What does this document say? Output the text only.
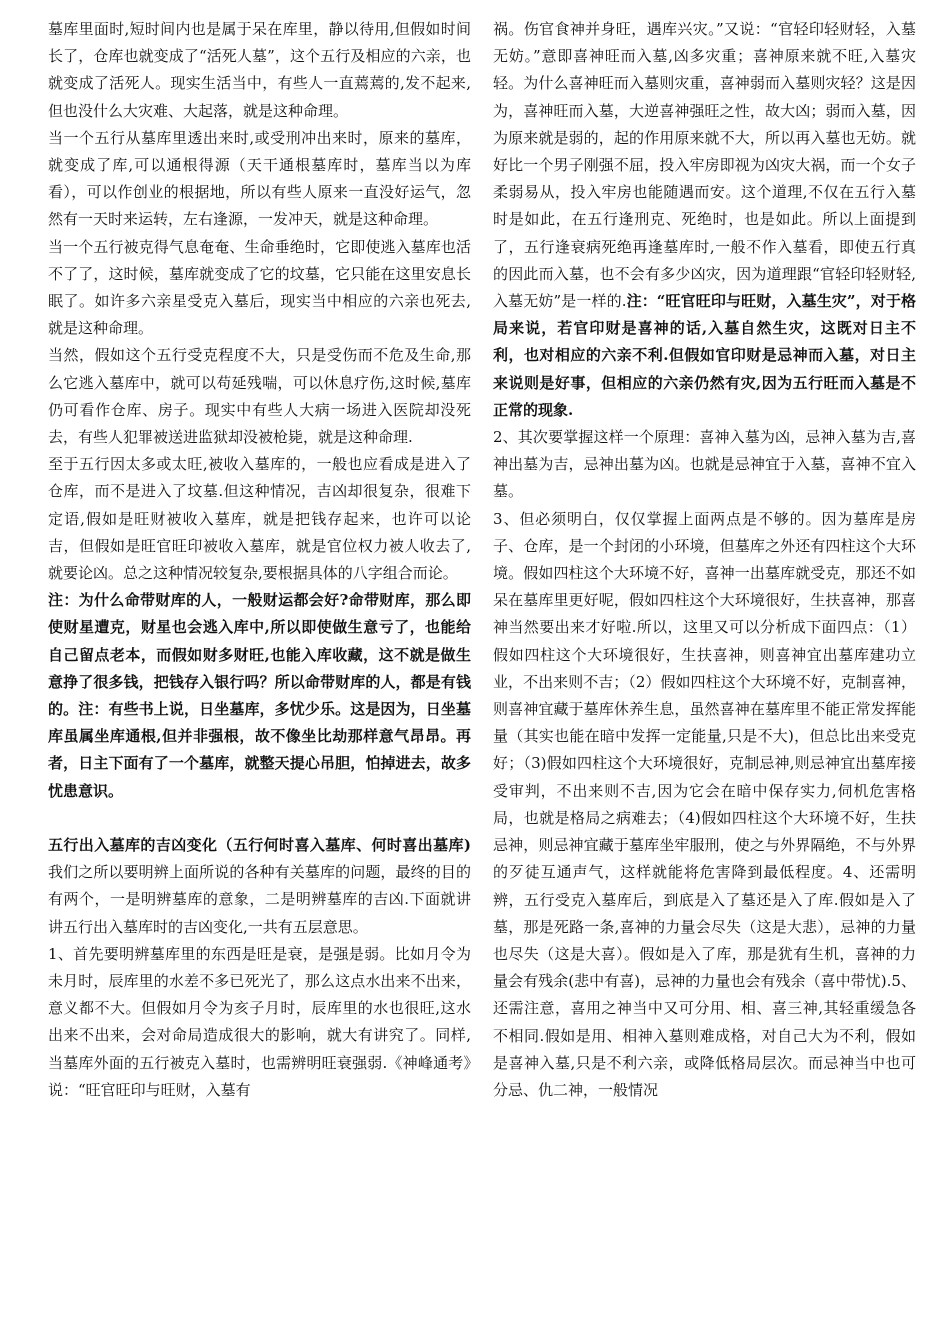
墓库里面时,短时间内也是属于呆在库里，静以待用,但假如时间长了，仓库也就变成了“活死人墓”，这个五行及相应的六亲，也就变成了活死人。现实生活当中，有些人一直蔫蔫的,发不起来,但也没什么大灾难、大起落，就是这种命理。

当一个五行从墓库里透出来时,或受刑冲出来时，原来的墓库，就变成了库,可以通根得源（天干通根墓库时，墓库当以为库看），可以作创业的根据地，所以有些人原来一直没好运气，忽然有一天时来运转，左右逢源，一发冲天，就是这种命理。

当一个五行被克得气息奄奄、生命垂绝时，它即使逃入墓库也活不了了，这时候，墓库就变成了它的坟墓，它只能在这里安息长眠了。如许多六亲星受克入墓后，现实当中相应的六亲也死去,就是这种命理。

当然，假如这个五行受克程度不大，只是受伤而不危及生命,那么它逃入墓库中，就可以苟延残喘，可以休息疗伤,这时候,墓库仍可看作仓库、房子。现实中有些人大病一场进入医院却没死去，有些人犯罪被送进监狱却没被枪毙，就是这种命理.

至于五行因太多或太旺,被收入墓库的，一般也应看成是进入了仓库，而不是进入了坟墓.但这种情况，吉凶却很复杂，很难下定语,假如是旺财被收入墓库，就是把钱存起来，也许可以论吉，但假如是旺官旺印被收入墓库，就是官位权力被人收去了,就要论凶。总之这种情况较复杂,要根据具体的八字组合而论。

注：为什么命带财库的人，一般财运都会好?命带财库，那么即使财星遭克，财星也会逃入库中,所以即使做生意亏了，也能给自己留点老本，而假如财多财旺,也能入库收藏，这不就是做生意挣了很多钱，把钱存入银行吗？所以命带财库的人，都是有钱的。注：有些书上说，日坐墓库，多忧少乐。这是因为，日坐墓库虽属坐库通根,但并非强根，故不像坐比劫那样意气昂昂。再者，日主下面有了一个墓库，就整天提心吊胆，怕掉进去，故多忧患意识。

五行出入墓库的吉凶变化（五行何时喜入墓库、何时喜出墓库)我们之所以要明辨上面所说的各种有关墓库的问题，最终的目的有两个，一是明辨墓库的意象，二是明辨墓库的吉凶.下面就讲讲五行出入墓库时的吉凶变化,一共有五层意思。

1、首先要明辨墓库里的东西是旺是衰，是强是弱。比如月令为未月时，辰库里的水差不多已死光了，那么这点水出来不出来，意义都不大。但假如月令为亥子月时，辰库里的水也很旺,这水出来不出来，会对命局造成很大的影响，就大有讲究了。同样,当墓库外面的五行被克入墓时，也需辨明旺衰强弱.《神峰通考》说：“旺官旺印与旺财，入墓有

祸。伤官食神并身旺，遇库兴灾。”又说：“官轻印轻财轻，入墓无妨。”意即喜神旺而入墓,凶多灾重；喜神原来就不旺,入墓灾轻。为什么喜神旺而入墓则灾重，喜神弱而入墓则灾轻？这是因为，喜神旺而入墓，大逆喜神强旺之性，故大凶；弱而入墓，因为原来就是弱的，起的作用原来就不大，所以再入墓也无妨。就好比一个男子刚强不屈，投入牢房即视为凶灾大祸，而一个女子柔弱易从，投入牢房也能随遇而安。这个道理,不仅在五行入墓时是如此，在五行逢刑克、死绝时，也是如此。所以上面提到了，五行逢衰病死绝再逢墓库时,一般不作入墓看，即使五行真的因此而入墓，也不会有多少凶灾，因为道理跟“官轻印轻财轻,入墓无妨”是一样的.注：“旺官旺印与旺财，入墓生灾”，对于格局来说，若官印财是喜神的话,入墓自然生灾，这既对日主不利，也对相应的六亲不利.但假如官印财是忌神而入墓，对日主来说则是好事，但相应的六亲仍然有灾,因为五行旺而入墓是不正常的现象.

2、其次要掌握这样一个原理：喜神入墓为凶，忌神入墓为吉,喜神出墓为吉，忌神出墓为凶。也就是忌神宜于入墓，喜神不宜入墓。

3、但必须明白，仅仅掌握上面两点是不够的。因为墓库是房子、仓库，是一个封闭的小环境，但墓库之外还有四柱这个大环境。假如四柱这个大环境不好，喜神一出墓库就受克，那还不如呆在墓库里更好呢，假如四柱这个大环境很好，生扶喜神，那喜神当然要出来才好啦.所以，这里又可以分析成下面四点：（1）假如四柱这个大环境很好，生扶喜神，则喜神宜出墓库建功立业，不出来则不吉；（2）假如四柱这个大环境不好，克制喜神，则喜神宜藏于墓库休养生息，虽然喜神在墓库里不能正常发挥能量（其实也能在暗中发挥一定能量,只是不大)，但总比出来受克好；（3)假如四柱这个大环境很好，克制忌神,则忌神宜出墓库接受审判，不出来则不吉,因为它会在暗中保存实力,伺机危害格局，也就是格局之病难去；（4)假如四柱这个大环境不好，生扶忌神，则忌神宜藏于墓库坐牢服刑，使之与外界隔绝，不与外界的歹徒互通声气，这样就能将危害降到最低程度。4、还需明辨，五行受克入墓库后，到底是入了墓还是入了库.假如是入了墓，那是死路一条,喜神的力量会尽失（这是大悲），忌神的力量也尽失（这是大喜）。假如是入了库，那是犹有生机，喜神的力量会有残余(悲中有喜)，忌神的力量也会有残余（喜中带忧).5、还需注意，喜用之神当中又可分用、相、喜三神,其轻重缓急各不相同.假如是用、相神入墓则难成格，对自己大为不利，假如是喜神入墓,只是不利六亲，或降低格局层次。而忌神当中也可分忌、仇二神，一般情况
